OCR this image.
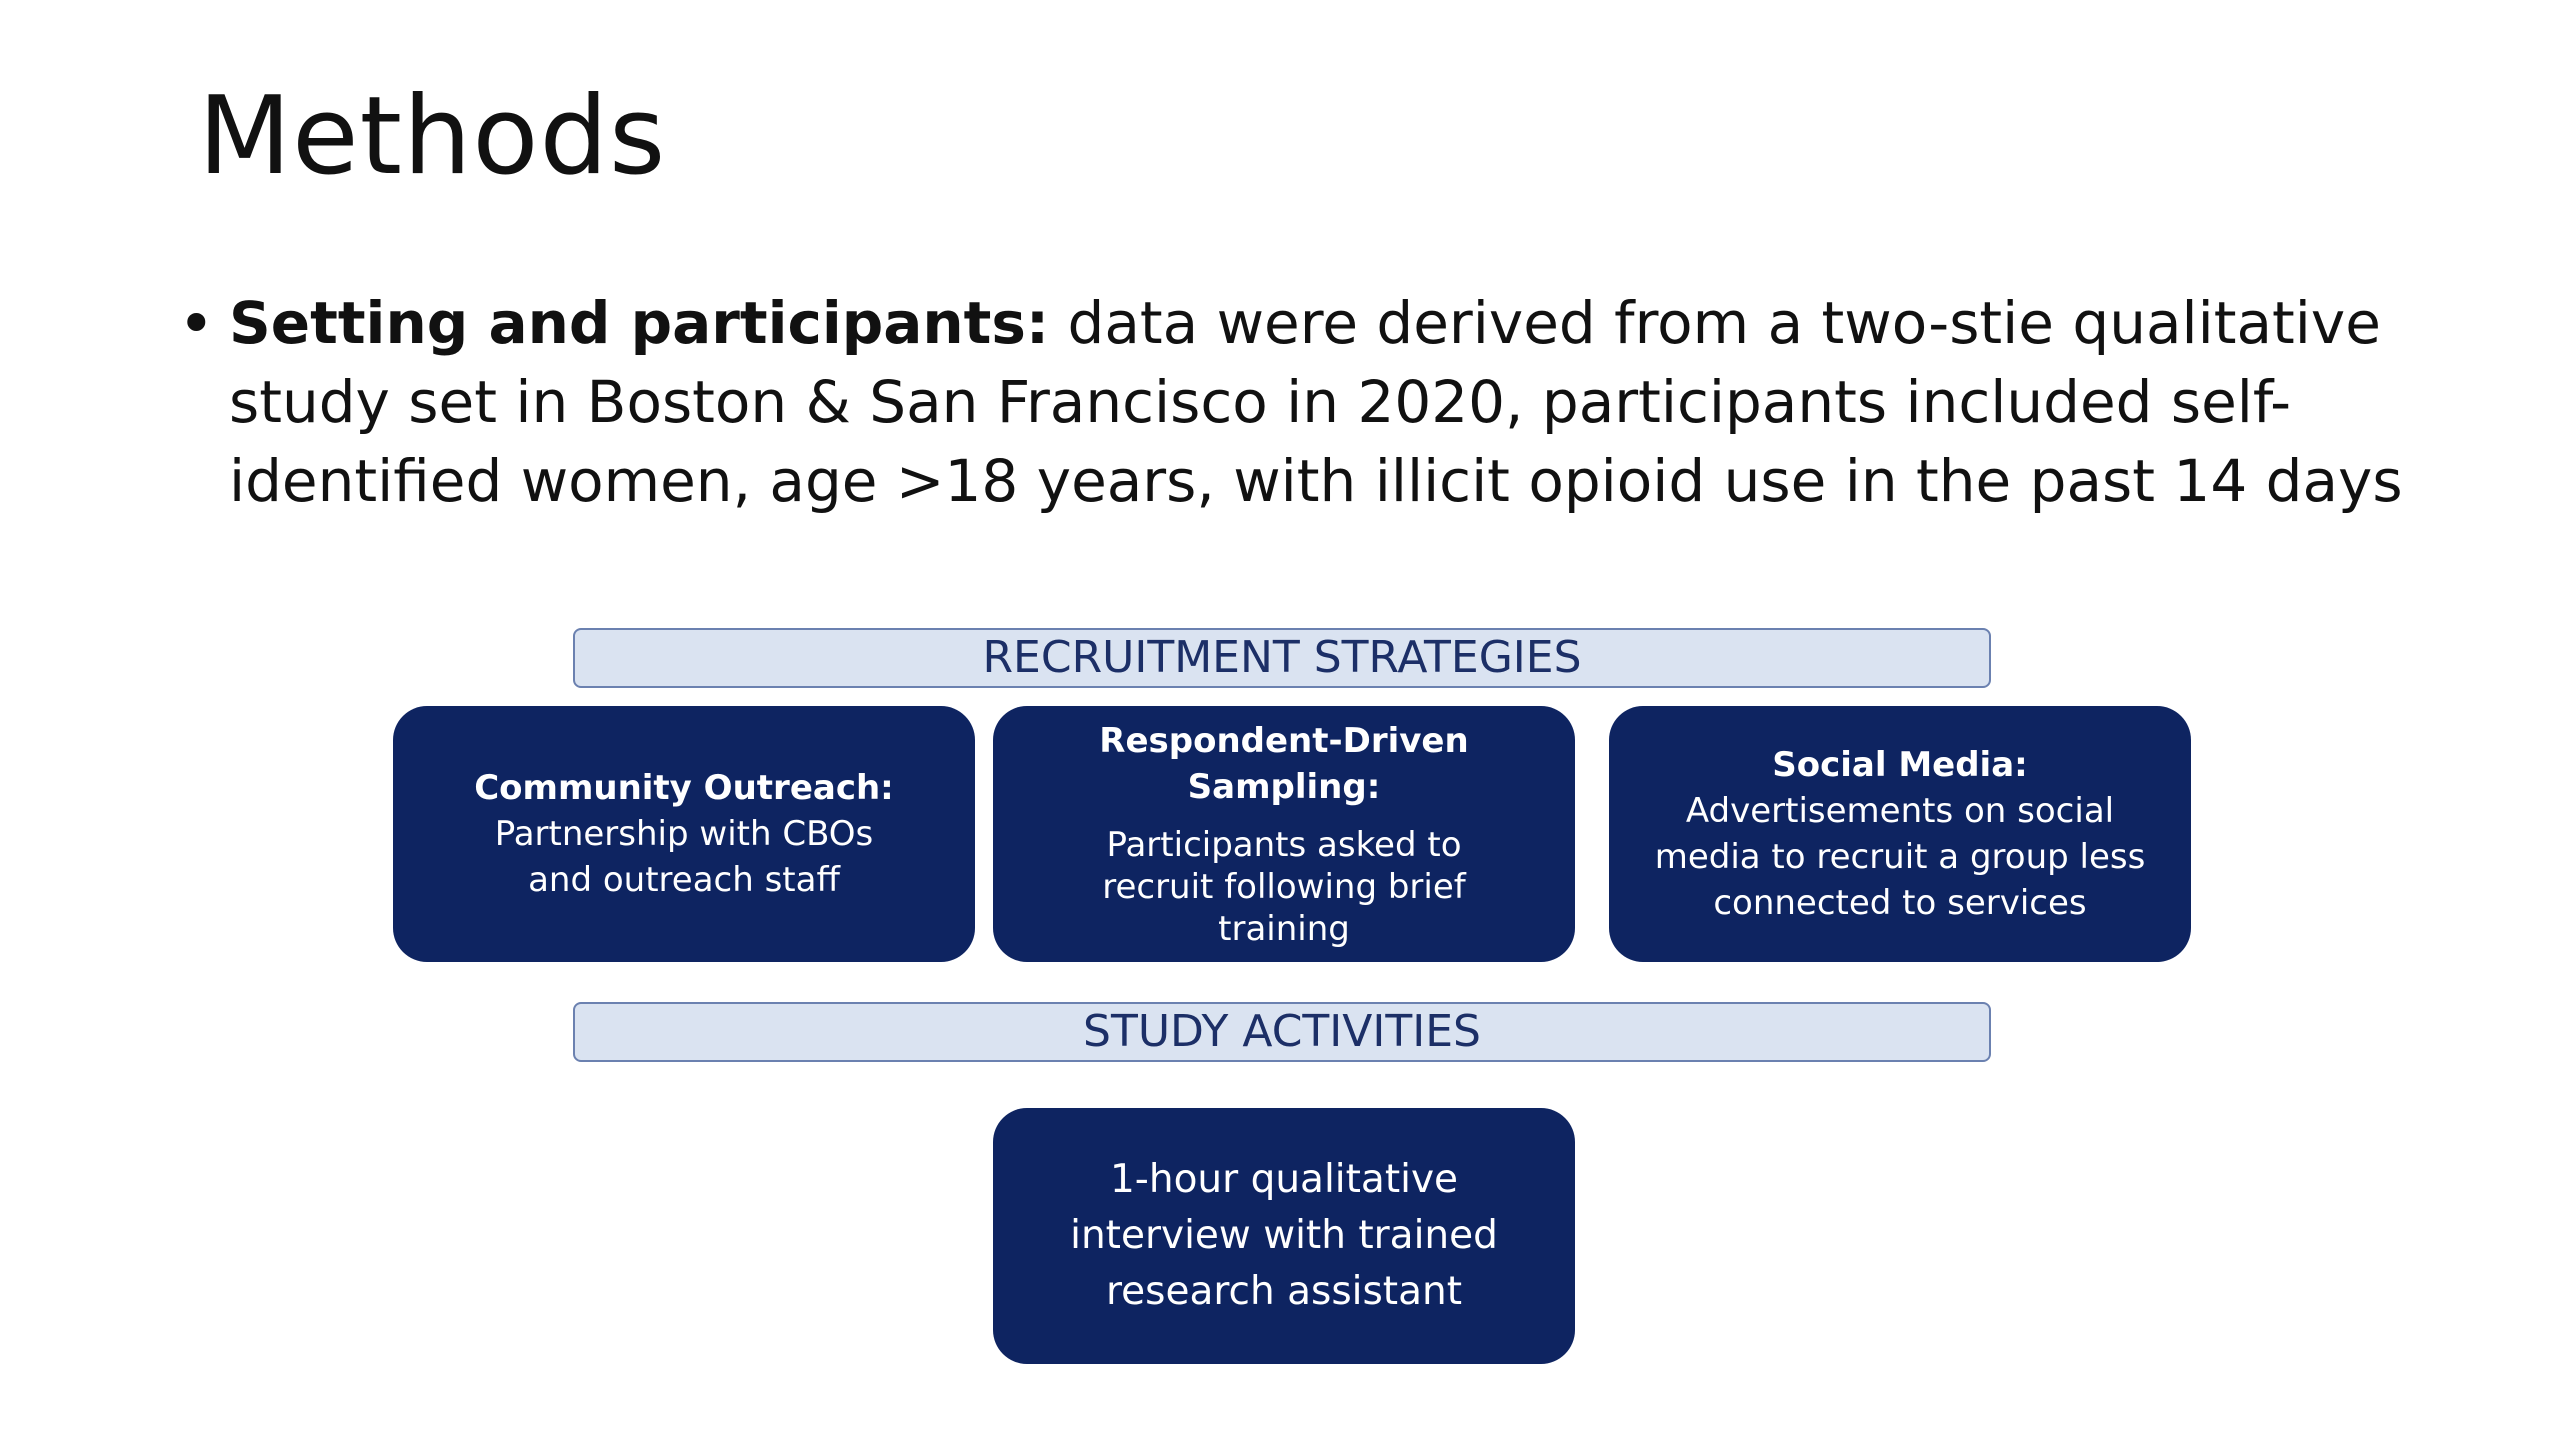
Methods
• Setting and participants: data were derived from a two-stie qualitative
study set in Boston & San Francisco in 2020, participants included self-
identified women, age >18 years, with illicit opioid use in the past 14 days
RECRUITMENT STRATEGIES
Community Outreach:
Partnership with CBOs and outreach staff
Respondent-Driven Sampling:
Participants asked to recruit following brief training
Social Media:
Advertisements on social media to recruit a group less connected to services
STUDY ACTIVITIES
1-hour qualitative interview with trained research assistant
